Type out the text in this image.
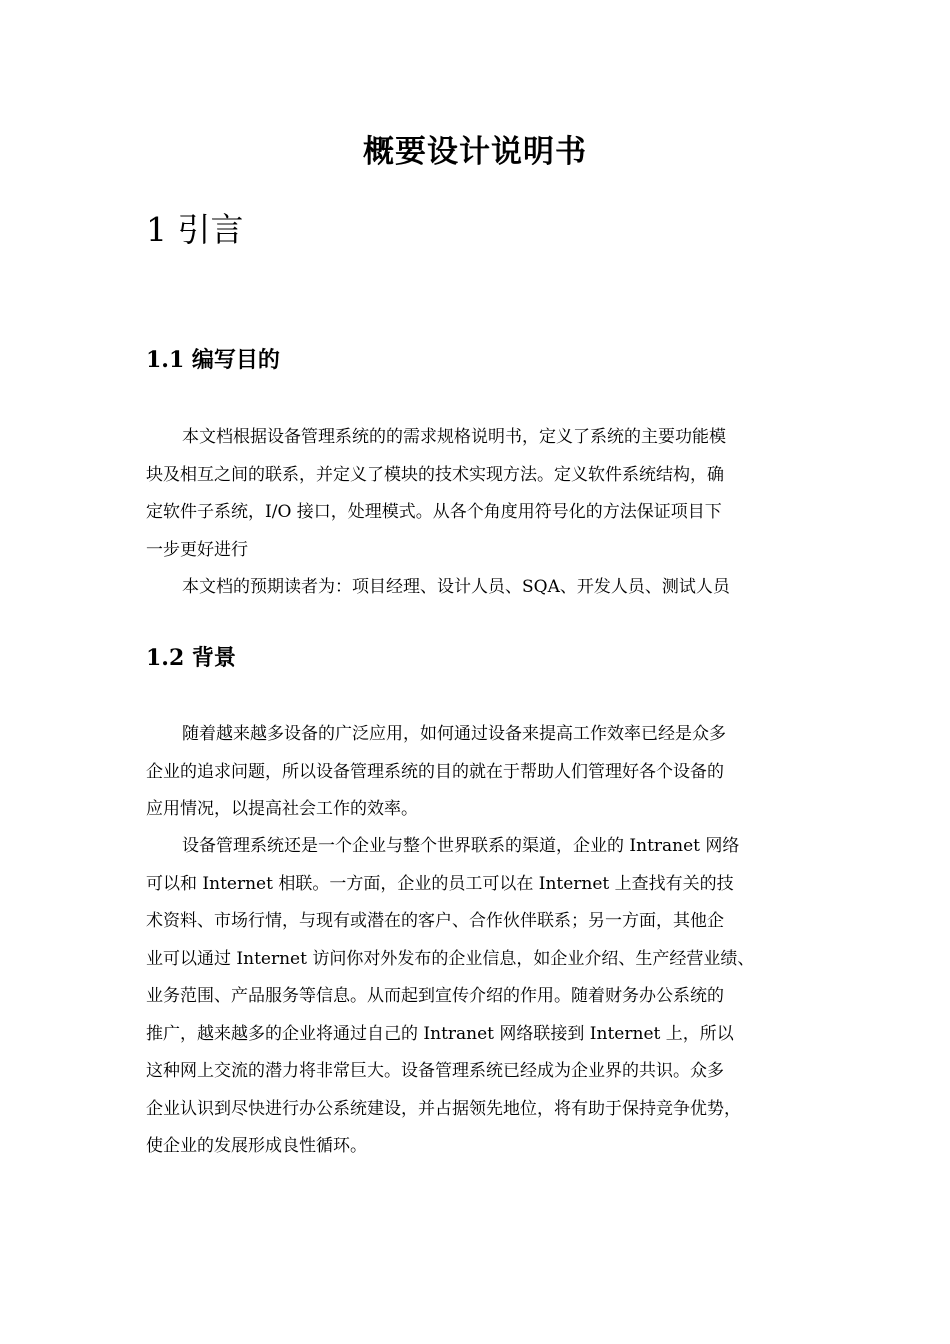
概要设计说明书
1 引言
1.1 编写目的
本文档根据设备管理系统的的需求规格说明书，定义了系统的主要功能模
块及相互之间的联系，并定义了模块的技术实现方法。定义软件系统结构，确
定软件子系统，I/O 接口，处理模式。从各个角度用符号化的方法保证项目下
一步更好进行
本文档的预期读者为：项目经理、设计人员、SQA、开发人员、测试人员
1.2 背景
随着越来越多设备的广泛应用，如何通过设备来提高工作效率已经是众多
企业的追求问题，所以设备管理系统的目的就在于帮助人们管理好各个设备的
应用情况，以提高社会工作的效率。
设备管理系统还是一个企业与整个世界联系的渠道，企业的 Intranet 网络
可以和 Internet 相联。一方面，企业的员工可以在 Internet 上查找有关的技
术资料、市场行情，与现有或潜在的客户、合作伙伴联系；另一方面，其他企
业可以通过 Internet 访问你对外发布的企业信息，如企业介绍、生产经营业绩、
业务范围、产品服务等信息。从而起到宣传介绍的作用。随着财务办公系统的
推广，越来越多的企业将通过自己的 Intranet 网络联接到 Internet 上，所以
这种网上交流的潜力将非常巨大。设备管理系统已经成为企业界的共识。众多
企业认识到尽快进行办公系统建设，并占据领先地位，将有助于保持竞争优势，
使企业的发展形成良性循环。
